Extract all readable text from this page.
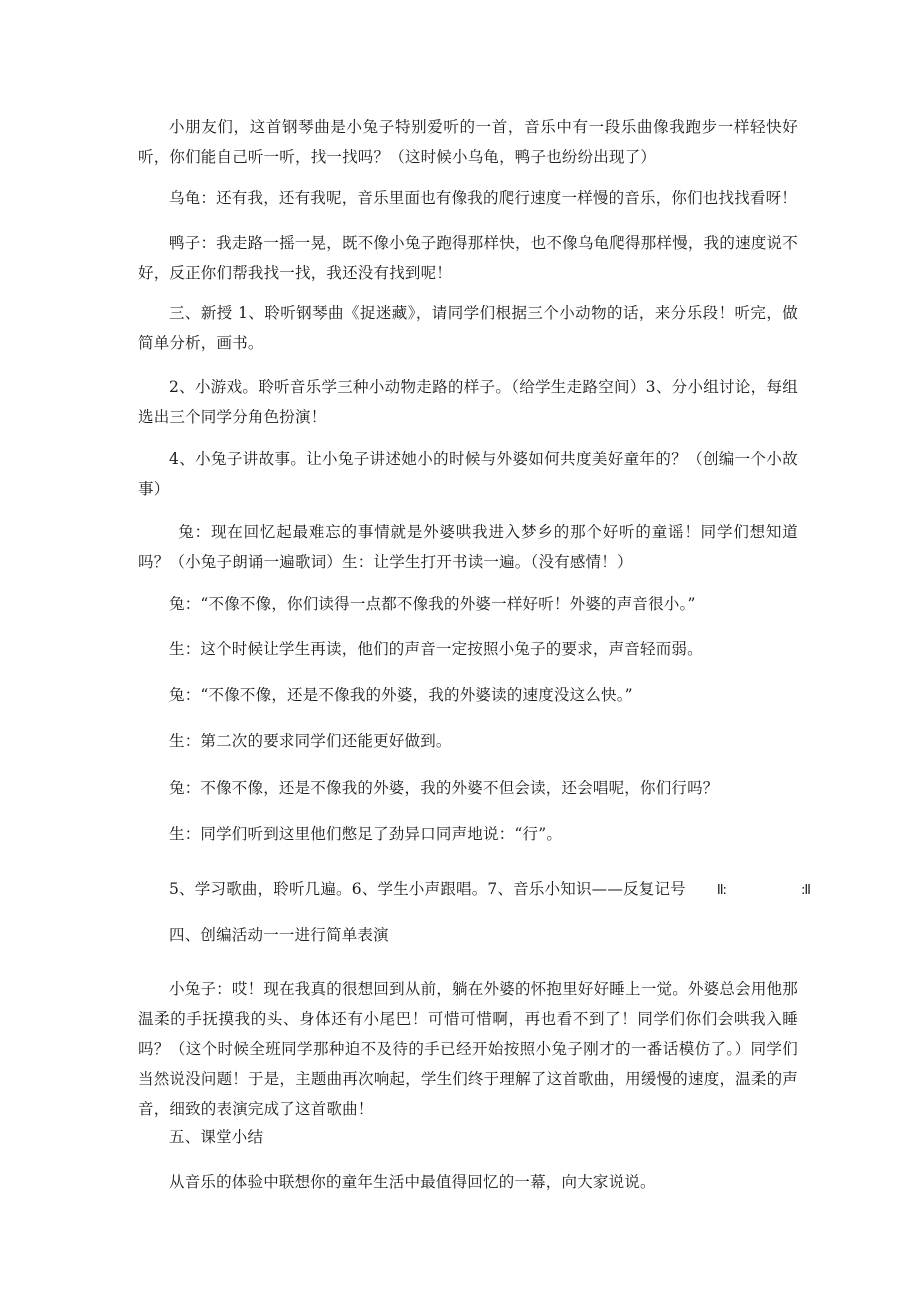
小朋友们，这首钢琴曲是小兔子特别爱听的一首，音乐中有一段乐曲像我跑步一样轻快好听，你们能自己听一听，找一找吗？（这时候小乌龟，鸭子也纷纷出现了）

乌龟：还有我，还有我呢，音乐里面也有像我的爬行速度一样慢的音乐，你们也找找看呀！

鸭子：我走路一摇一晃，既不像小兔子跑得那样快，也不像乌龟爬得那样慢，我的速度说不好，反正你们帮我找一找，我还没有找到呢！

三、新授 1、聆听钢琴曲《捉迷藏》，请同学们根据三个小动物的话，来分乐段！听完，做简单分析，画书。

2、小游戏。聆听音乐学三种小动物走路的样子。（给学生走路空间）3、分小组讨论，每组选出三个同学分角色扮演！

4、小兔子讲故事。让小兔子讲述她小的时候与外婆如何共度美好童年的？（创编一个小故事）

兔：现在回忆起最难忘的事情就是外婆哄我进入梦乡的那个好听的童谣！同学们想知道吗？（小兔子朗诵一遍歌词）生：让学生打开书读一遍。（没有感情！）

兔：“不像不像，你们读得一点都不像我的外婆一样好听！外婆的声音很小。”

生：这个时候让学生再读，他们的声音一定按照小兔子的要求，声音轻而弱。

兔：“不像不像，还是不像我的外婆，我的外婆读的速度没这么快。”

生：第二次的要求同学们还能更好做到。

兔：不像不像，还是不像我的外婆，我的外婆不但会读，还会唱呢，你们行吗？

生：同学们听到这里他们憋足了劲异口同声地说：“行”。

5、学习歌曲，聆听几遍。6、学生小声跟唱。7、音乐小知识——反复记号 II:	:II

四、创编活动一一进行简单表演

小兔子：哎！现在我真的很想回到从前，躺在外婆的怀抱里好好睡上一觉。外婆总会用他那温柔的手抚摸我的头、身体还有小尾巴！可惜可惜啊，再也看不到了！同学们你们会哄我入睡吗？（这个时候全班同学那种迫不及待的手已经开始按照小兔子刚才的一番话模仿了。）同学们当然说没问题！于是，主题曲再次响起，学生们终于理解了这首歌曲，用缓慢的速度，温柔的声音，细致的表演完成了这首歌曲！

五、课堂小结

从音乐的体验中联想你的童年生活中最值得回忆的一幕，向大家说说。
